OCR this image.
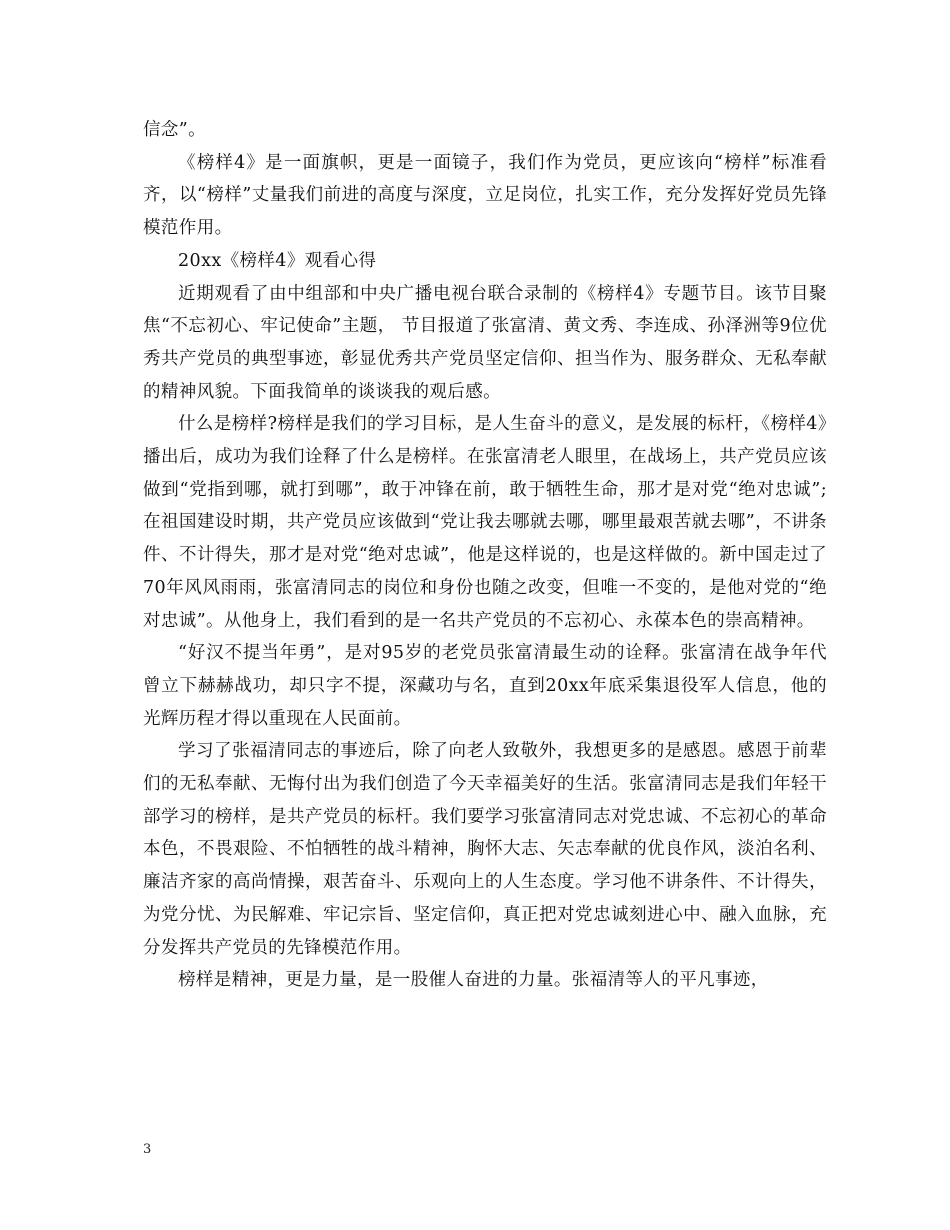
信念”。

《榜样4》是一面旗帜，更是一面镜子，我们作为党员，更应该向“榜样”标准看齐，以“榜样”丈量我们前进的高度与深度，立足岗位，扎实工作，充分发挥好党员先锋模范作用。

20xx《榜样4》观看心得

近期观看了由中组部和中央广播电视台联合录制的《榜样4》专题节目。该节目聚焦“不忘初心、牢记使命”主题， 节目报道了张富清、黄文秀、李连成、孙泽洲等9位优秀共产党员的典型事迹，彰显优秀共产党员坚定信仰、担当作为、服务群众、无私奉献的精神风貌。下面我简单的谈谈我的观后感。

什么是榜样?榜样是我们的学习目标，是人生奋斗的意义，是发展的标杆，《榜样4》播出后，成功为我们诠释了什么是榜样。在张富清老人眼里，在战场上，共产党员应该做到“党指到哪，就打到哪”，敢于冲锋在前，敢于牺牲生命，那才是对党“绝对忠诚”;在祖国建设时期，共产党员应该做到“党让我去哪就去哪，哪里最艰苦就去哪”，不讲条件、不计得失，那才是对党“绝对忠诚”，他是这样说的，也是这样做的。新中国走过了70年风风雨雨，张富清同志的岗位和身份也随之改变，但唯一不变的，是他对党的“绝对忠诚”。从他身上，我们看到的是一名共产党员的不忘初心、永葆本色的崇高精神。

“好汉不提当年勇”，是对95岁的老党员张富清最生动的诠释。张富清在战争年代曾立下赫赫战功，却只字不提，深藏功与名，直到20xx年底采集退役军人信息，他的光辉历程才得以重现在人民面前。

学习了张福清同志的事迹后，除了向老人致敬外，我想更多的是感恩。感恩于前辈们的无私奉献、无悔付出为我们创造了今天幸福美好的生活。张富清同志是我们年轻干部学习的榜样，是共产党员的标杆。我们要学习张富清同志对党忠诚、不忘初心的革命本色，不畏艰险、不怕牺牲的战斗精神，胸怀大志、矢志奉献的优良作风，淡泊名利、廉洁齐家的高尚情操，艰苦奋斗、乐观向上的人生态度。学习他不讲条件、不计得失，为党分忧、为民解难、牢记宗旨、坚定信仰，真正把对党忠诚刻进心中、融入血脉，充分发挥共产党员的先锋模范作用。

榜样是精神，更是力量，是一股催人奋进的力量。张福清等人的平凡事迹，

3
